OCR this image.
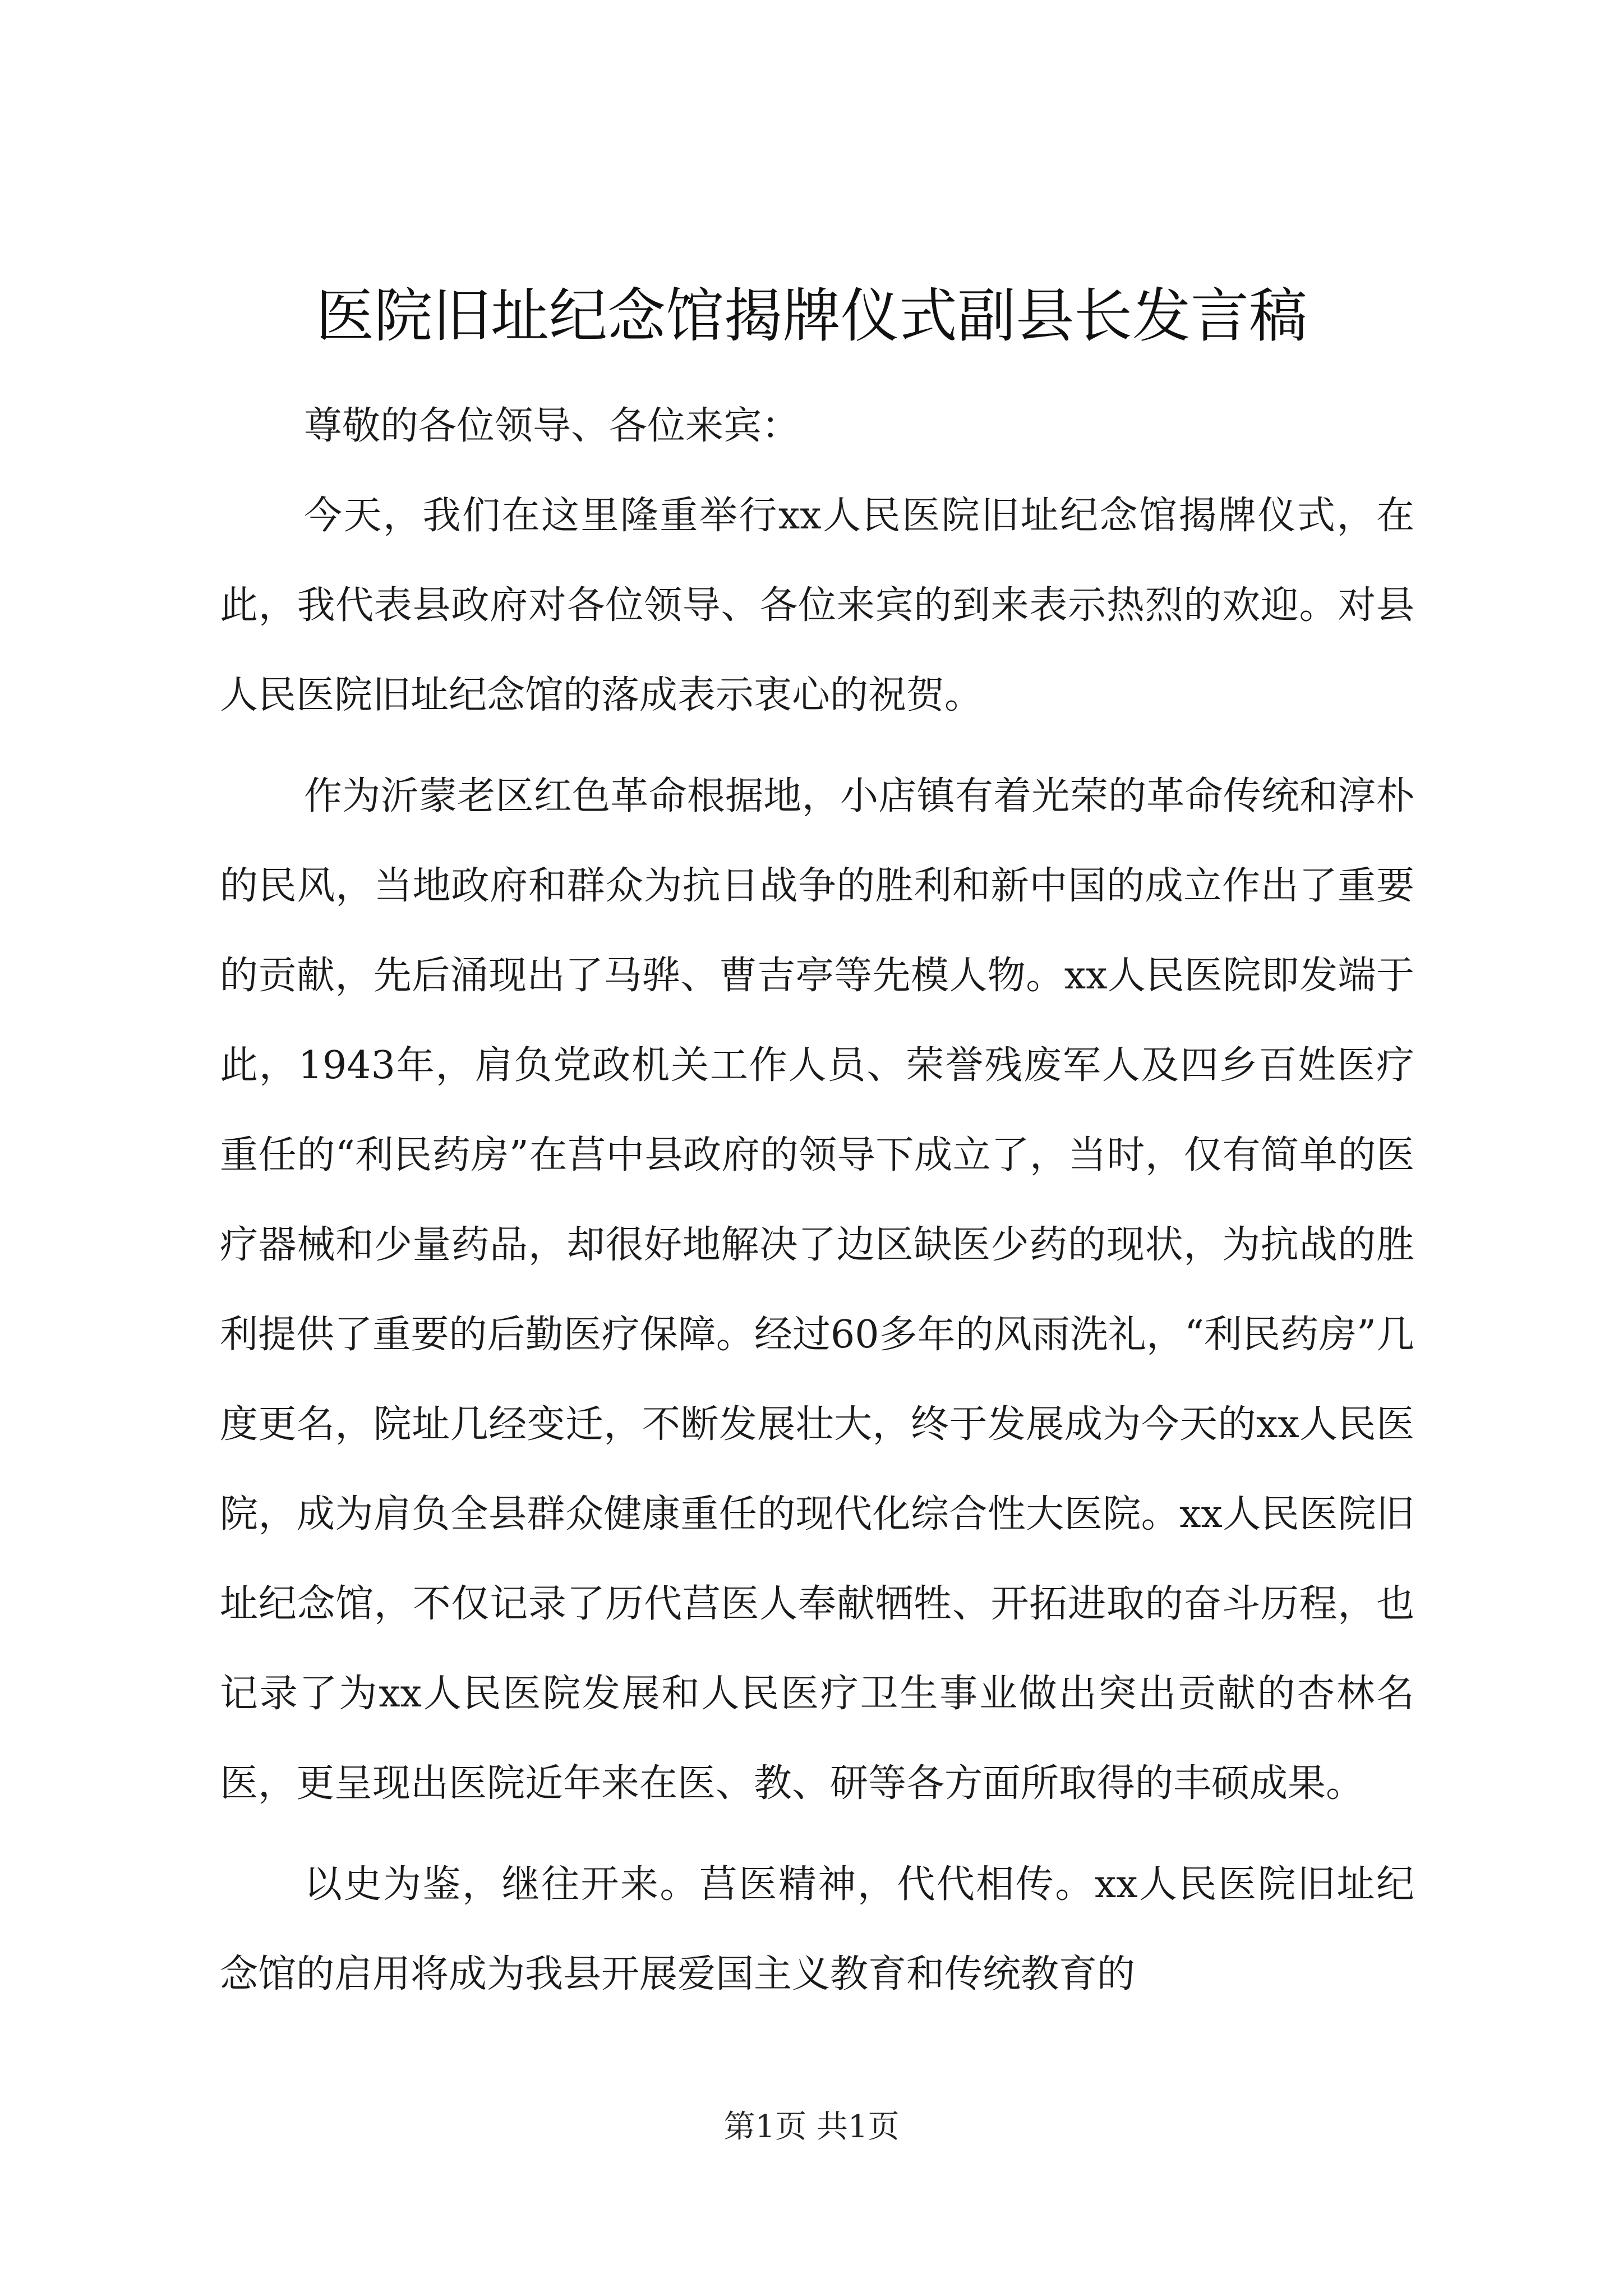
医院旧址纪念馆揭牌仪式副县长发言稿

尊敬的各位领导、各位来宾：

今天，我们在这里隆重举行xx人民医院旧址纪念馆揭牌仪式，在此，我代表县政府对各位领导、各位来宾的到来表示热烈的欢迎。对县人民医院旧址纪念馆的落成表示衷心的祝贺。

作为沂蒙老区红色革命根据地，小店镇有着光荣的革命传统和淳朴的民风，当地政府和群众为抗日战争的胜利和新中国的成立作出了重要的贡献，先后涌现出了马骅、曹吉亭等先模人物。xx人民医院即发端于此，1943年，肩负党政机关工作人员、荣誉残废军人及四乡百姓医疗重任的“利民药房”在莒中县政府的领导下成立了，当时，仅有简单的医疗器械和少量药品，却很好地解决了边区缺医少药的现状，为抗战的胜利提供了重要的后勤医疗保障。经过60多年的风雨洗礼，“利民药房”几度更名，院址几经变迁，不断发展壮大，终于发展成为今天的xx人民医院，成为肩负全县群众健康重任的现代化综合性大医院。xx人民医院旧址纪念馆，不仅记录了历代莒医人奉献牺牲、开拓进取的奋斗历程，也记录了为xx人民医院发展和人民医疗卫生事业做出突出贡献的杏林名医，更呈现出医院近年来在医、教、研等各方面所取得的丰硕成果。

以史为鉴，继往开来。莒医精神，代代相传。xx人民医院旧址纪念馆的启用将成为我县开展爱国主义教育和传统教育的

第1页 共1页
